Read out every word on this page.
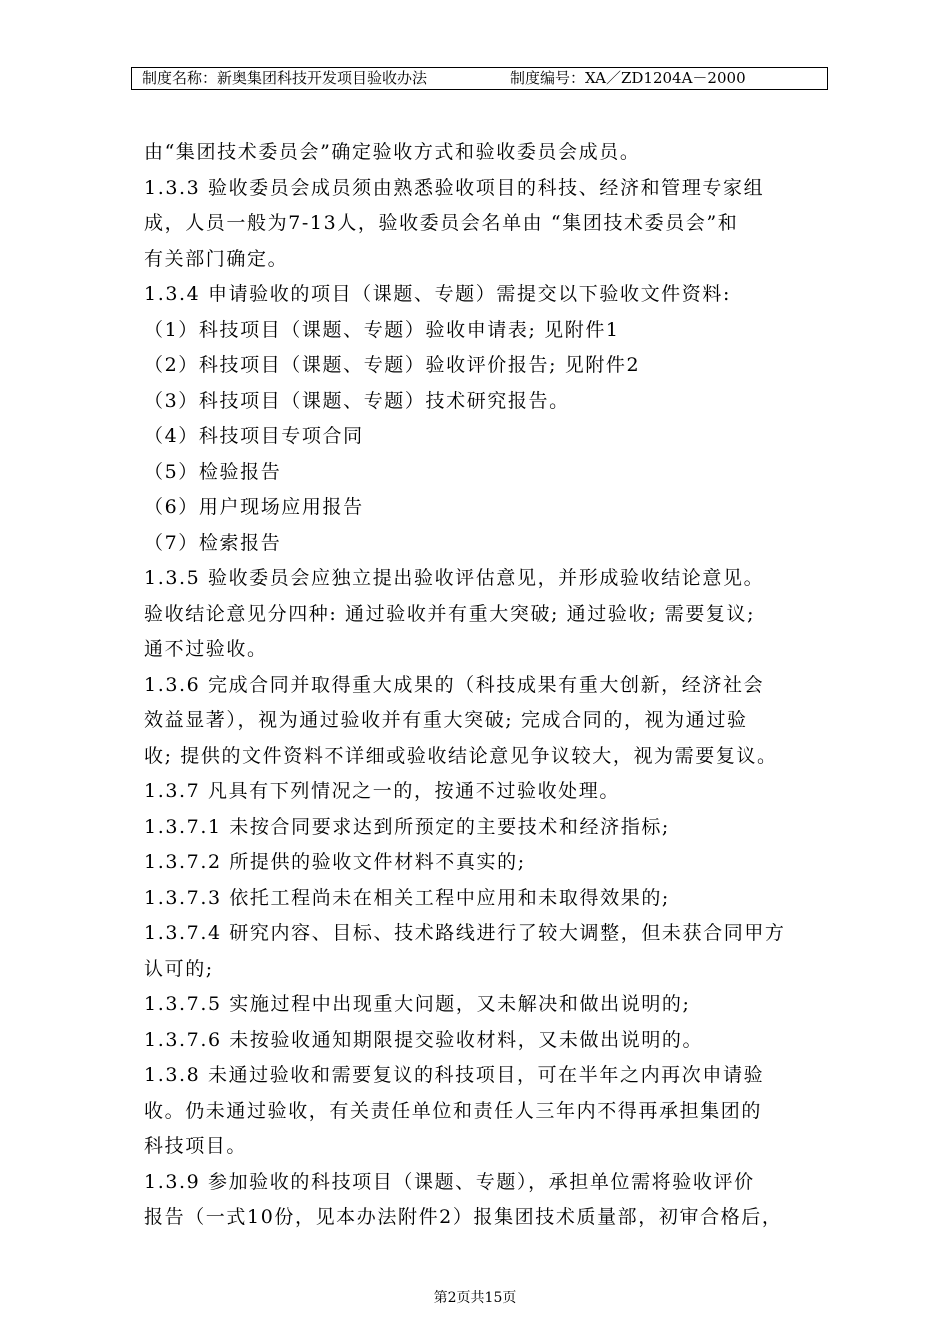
制度名称：新奥集团科技开发项目验收办法	制度编号：XA／ZD1204A－2000
由“集团技术委员会”确定验收方式和验收委员会成员。
1.3.3 验收委员会成员须由熟悉验收项目的科技、经济和管理专家组
成，人员一般为7-13人，验收委员会名单由 “集团技术委员会”和
有关部门确定。
1.3.4 申请验收的项目（课题、专题）需提交以下验收文件资料:
（1）科技项目（课题、专题）验收申请表; 见附件1
（2）科技项目（课题、专题）验收评价报告; 见附件2
（3）科技项目（课题、专题）技术研究报告。
（4）科技项目专项合同
（5）检验报告
（6）用户现场应用报告
（7）检索报告
1.3.5 验收委员会应独立提出验收评估意见，并形成验收结论意见。
验收结论意见分四种: 通过验收并有重大突破; 通过验收; 需要复议;
通不过验收。
1.3.6 完成合同并取得重大成果的（科技成果有重大创新，经济社会
效益显著），视为通过验收并有重大突破; 完成合同的，视为通过验
收; 提供的文件资料不详细或验收结论意见争议较大，视为需要复议。
1.3.7 凡具有下列情况之一的，按通不过验收处理。
1.3.7.1 未按合同要求达到所预定的主要技术和经济指标;
1.3.7.2 所提供的验收文件材料不真实的;
1.3.7.3 依托工程尚未在相关工程中应用和未取得效果的;
1.3.7.4 研究内容、目标、技术路线进行了较大调整，但未获合同甲方
认可的;
1.3.7.5 实施过程中出现重大问题，又未解决和做出说明的;
1.3.7.6 未按验收通知期限提交验收材料，又未做出说明的。
1.3.8 未通过验收和需要复议的科技项目，可在半年之内再次申请验
收。仍未通过验收，有关责任单位和责任人三年内不得再承担集团的
科技项目。
1.3.9 参加验收的科技项目（课题、专题），承担单位需将验收评价
报告（一式10份，见本办法附件2）报集团技术质量部，初审合格后，
第2页共15页
